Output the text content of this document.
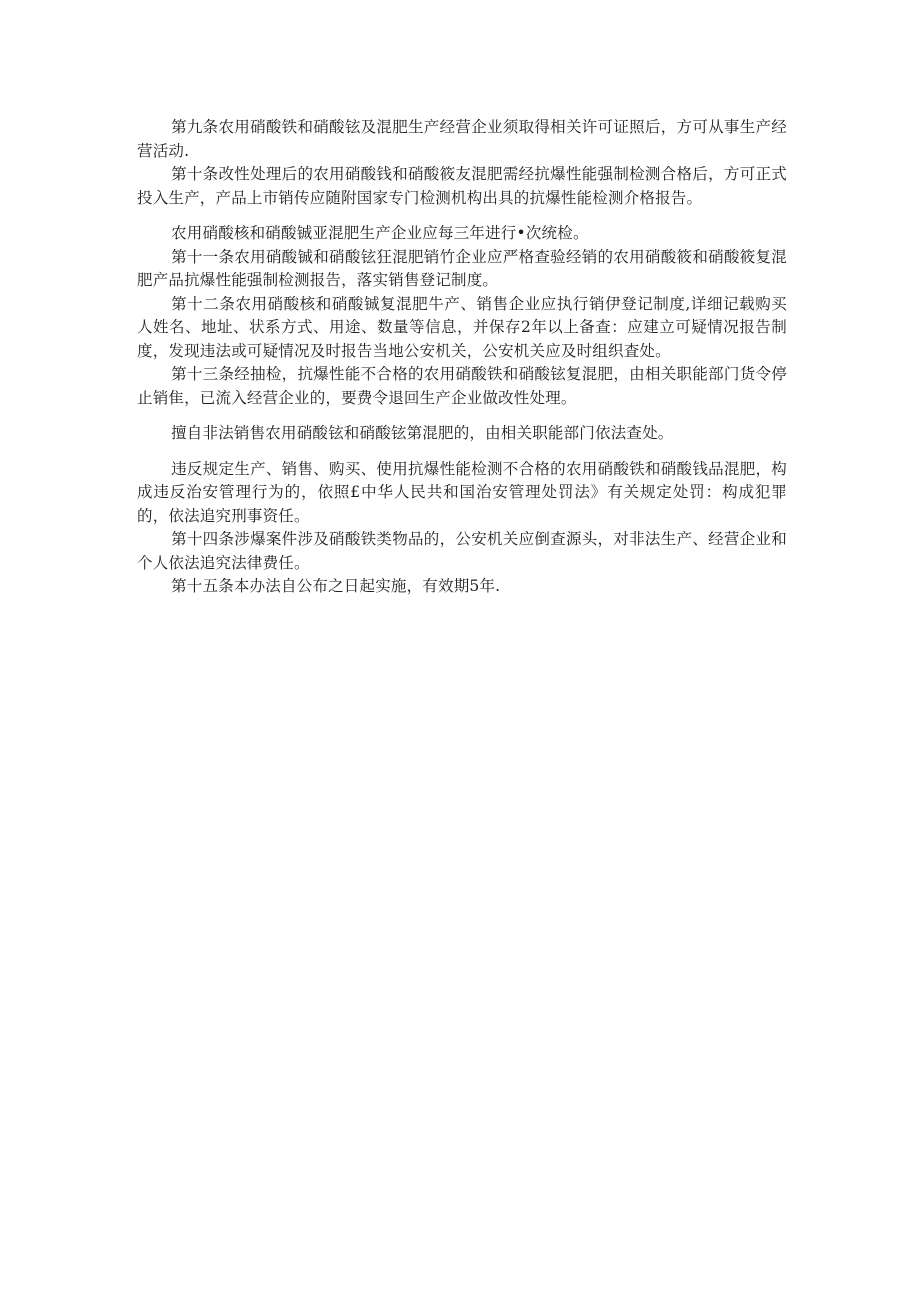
第九条农用硝酸铁和硝酸铉及混肥生产经营企业须取得相关许可证照后，方可从事生产经营活动.

第十条改性处理后的农用硝酸钱和硝酸筱友混肥需经抗爆性能强制检测合格后，方可正式投入生产，产品上市销传应随附国家专门检测机构出具的抗爆性能检测介格报告。

农用硝酸核和硝酸铖亚混肥生产企业应每三年进行•次统检。

第十一条农用硝酸铖和硝酸铉狂混肥销竹企业应严格查验经销的农用硝酸筱和硝酸筱复混肥产品抗爆性能强制检测报告，落实销售登记制度。

第十二条农用硝酸核和硝酸铖复混肥牛产、销售企业应执行销伊登记制度,详细记载购买人姓名、地址、状系方式、用途、数量等信息，并保存2年以上备查：应建立可疑情况报告制度，发现违法或可疑情况及时报告当地公安机关，公安机关应及时组织査处。

第十三条经抽检，抗爆性能不合格的农用硝酸铁和硝酸铉复混肥，由相关职能部门货令停止销隹，已流入经营企业的，要费令退回生产企业做改性处理。

擅自非法销售农用硝酸铉和硝酸铉第混肥的，由相关职能部门依法查处。

违反规定生产、销售、购买、使用抗爆性能检测不合格的农用硝酸铁和硝酸钱品混肥，构成违反治安管理行为的，依照£中华人民共和国治安管理处罚法》有关规定处罚：构成犯罪的，依法追究刑事资任。

第十四条涉爆案件涉及硝酸铁类物品的，公安机关应倒查源头，对非法生产、经营企业和个人依法追究法律费任。

第十五条本办法自公布之日起实施，有效期5年.
